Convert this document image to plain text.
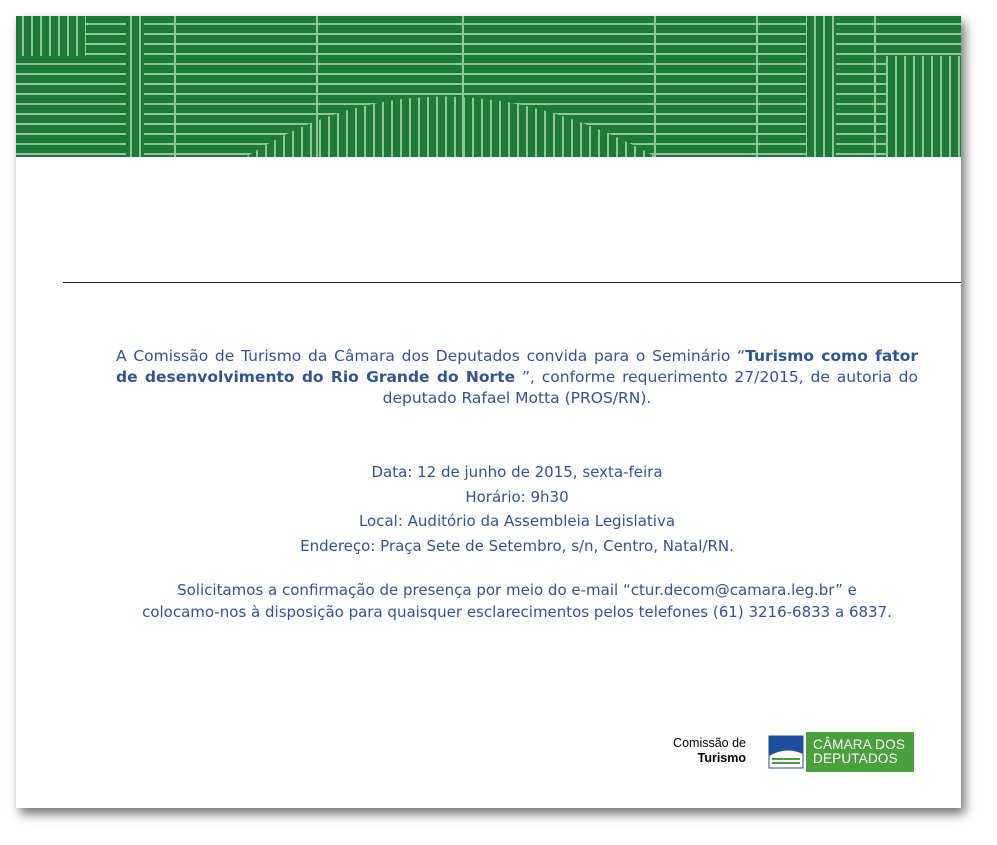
A Comissão de Turismo da Câmara dos Deputados convida para o Seminário “Turismo como fator de desenvolvimento do Rio Grande do Norte ”, conforme requerimento 27/2015, de autoria do deputado Rafael Motta (PROS/RN).
Data: 12 de junho de 2015, sexta-feira
Horário: 9h30
Local: Auditório da Assembleia Legislativa
Endereço: Praça Sete de Setembro, s/n, Centro, Natal/RN.
Solicitamos a confirmação de presença por meio do e-mail “ctur.decom@camara.leg.br” e
colocamo-nos à disposição para quaisquer esclarecimentos pelos telefones (61) 3216-6833 a 6837.
Comissão de
Turismo
CÂMARA DOS
DEPUTADOS
